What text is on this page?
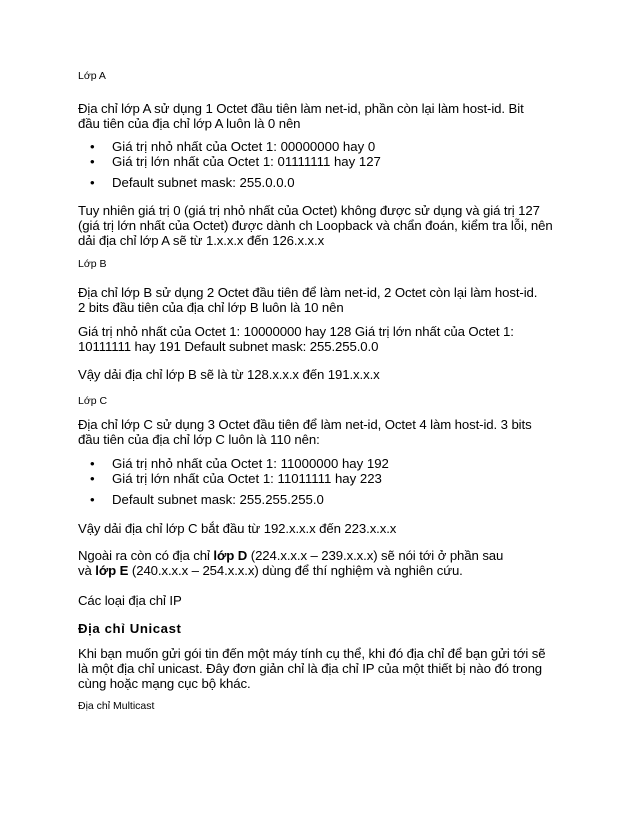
Lớp A
Địa chỉ lớp A sử dụng 1 Octet đầu tiên làm net-id, phần còn lại làm host-id. Bit
đầu tiên của địa chỉ lớp A luôn là 0 nên
• Giá trị nhỏ nhất của Octet 1: 00000000 hay 0
• Giá trị lớn nhất của Octet 1: 01111111 hay 127
• Default subnet mask: 255.0.0.0
Tuy nhiên giá trị 0 (giá trị nhỏ nhất của Octet) không được sử dụng và giá trị 127
(giá trị lớn nhất của Octet) được dành ch Loopback và chẩn đoán, kiểm tra lỗi, nên
dải địa chỉ lớp A sẽ từ 1.x.x.x đến 126.x.x.x
Lớp B
Địa chỉ lớp B sử dụng 2 Octet đầu tiên để làm net-id, 2 Octet còn lại làm host-id.
2 bits đầu tiên của địa chỉ lớp B luôn là 10 nên
Giá trị nhỏ nhất của Octet 1: 10000000 hay 128 Giá trị lớn nhất của Octet 1:
10111111 hay 191 Default subnet mask: 255.255.0.0
Vậy dải địa chỉ lớp B sẽ là từ 128.x.x.x đến 191.x.x.x
Lớp C
Địa chỉ lớp C sử dụng 3 Octet đầu tiên để làm net-id, Octet 4 làm host-id. 3 bits
đầu tiên của địa chỉ lớp C luôn là 110 nên:
• Giá trị nhỏ nhất của Octet 1: 11000000 hay 192
• Giá trị lớn nhất của Octet 1: 11011111 hay 223
• Default subnet mask: 255.255.255.0
Vậy dải địa chỉ lớp C bắt đầu từ 192.x.x.x đến 223.x.x.x
Ngoài ra còn có địa chỉ lớp D (224.x.x.x – 239.x.x.x) sẽ nói tới ở phần sau
và lớp E (240.x.x.x – 254.x.x.x) dùng để thí nghiệm và nghiên cứu.
Các loại địa chỉ IP
Địa chỉ Unicast
Khi bạn muốn gửi gói tin đến một máy tính cụ thể, khi đó địa chỉ để bạn gửi tới sẽ
là một địa chỉ unicast. Đây đơn giản chỉ là địa chỉ IP của một thiết bị nào đó trong
cùng hoặc mạng cục bộ khác.
Địa chỉ Multicast
